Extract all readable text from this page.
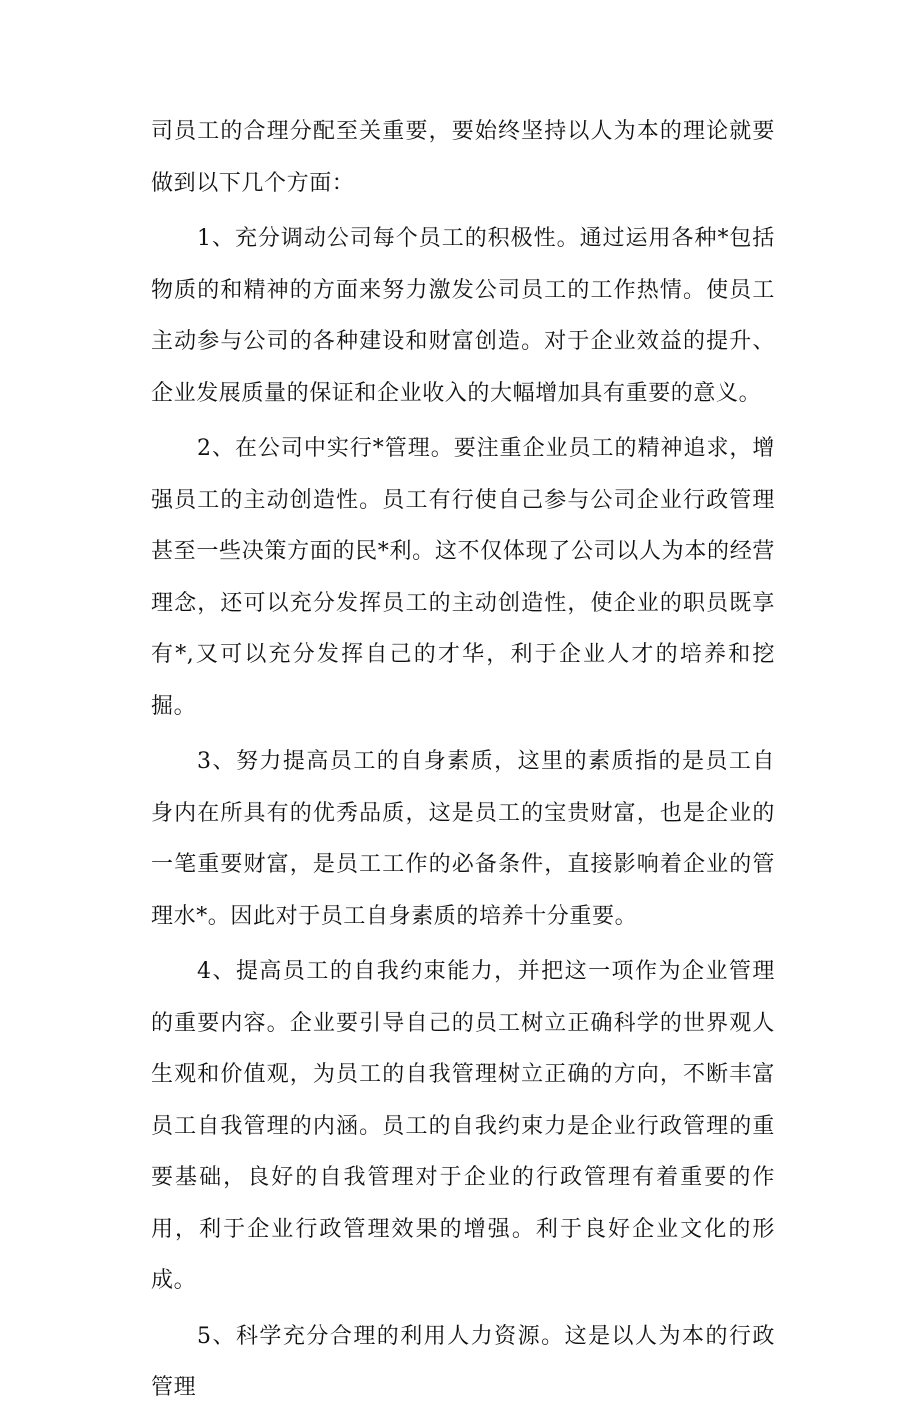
司员工的合理分配至关重要，要始终坚持以人为本的理论就要做到以下几个方面：

1、充分调动公司每个员工的积极性。通过运用各种*包括物质的和精神的方面来努力激发公司员工的工作热情。使员工主动参与公司的各种建设和财富创造。对于企业效益的提升、企业发展质量的保证和企业收入的大幅增加具有重要的意义。

2、在公司中实行*管理。要注重企业员工的精神追求，增强员工的主动创造性。员工有行使自己参与公司企业行政管理甚至一些决策方面的民*利。这不仅体现了公司以人为本的经营理念，还可以充分发挥员工的主动创造性，使企业的职员既享有*,又可以充分发挥自己的才华，利于企业人才的培养和挖掘。

3、努力提高员工的自身素质，这里的素质指的是员工自身内在所具有的优秀品质，这是员工的宝贵财富，也是企业的一笔重要财富，是员工工作的必备条件，直接影响着企业的管理水*。因此对于员工自身素质的培养十分重要。

4、提高员工的自我约束能力，并把这一项作为企业管理的重要内容。企业要引导自己的员工树立正确科学的世界观人生观和价值观，为员工的自我管理树立正确的方向，不断丰富员工自我管理的内涵。员工的自我约束力是企业行政管理的重要基础，良好的自我管理对于企业的行政管理有着重要的作用，利于企业行政管理效果的增强。利于良好企业文化的形成。

5、科学充分合理的利用人力资源。这是以人为本的行政管理
